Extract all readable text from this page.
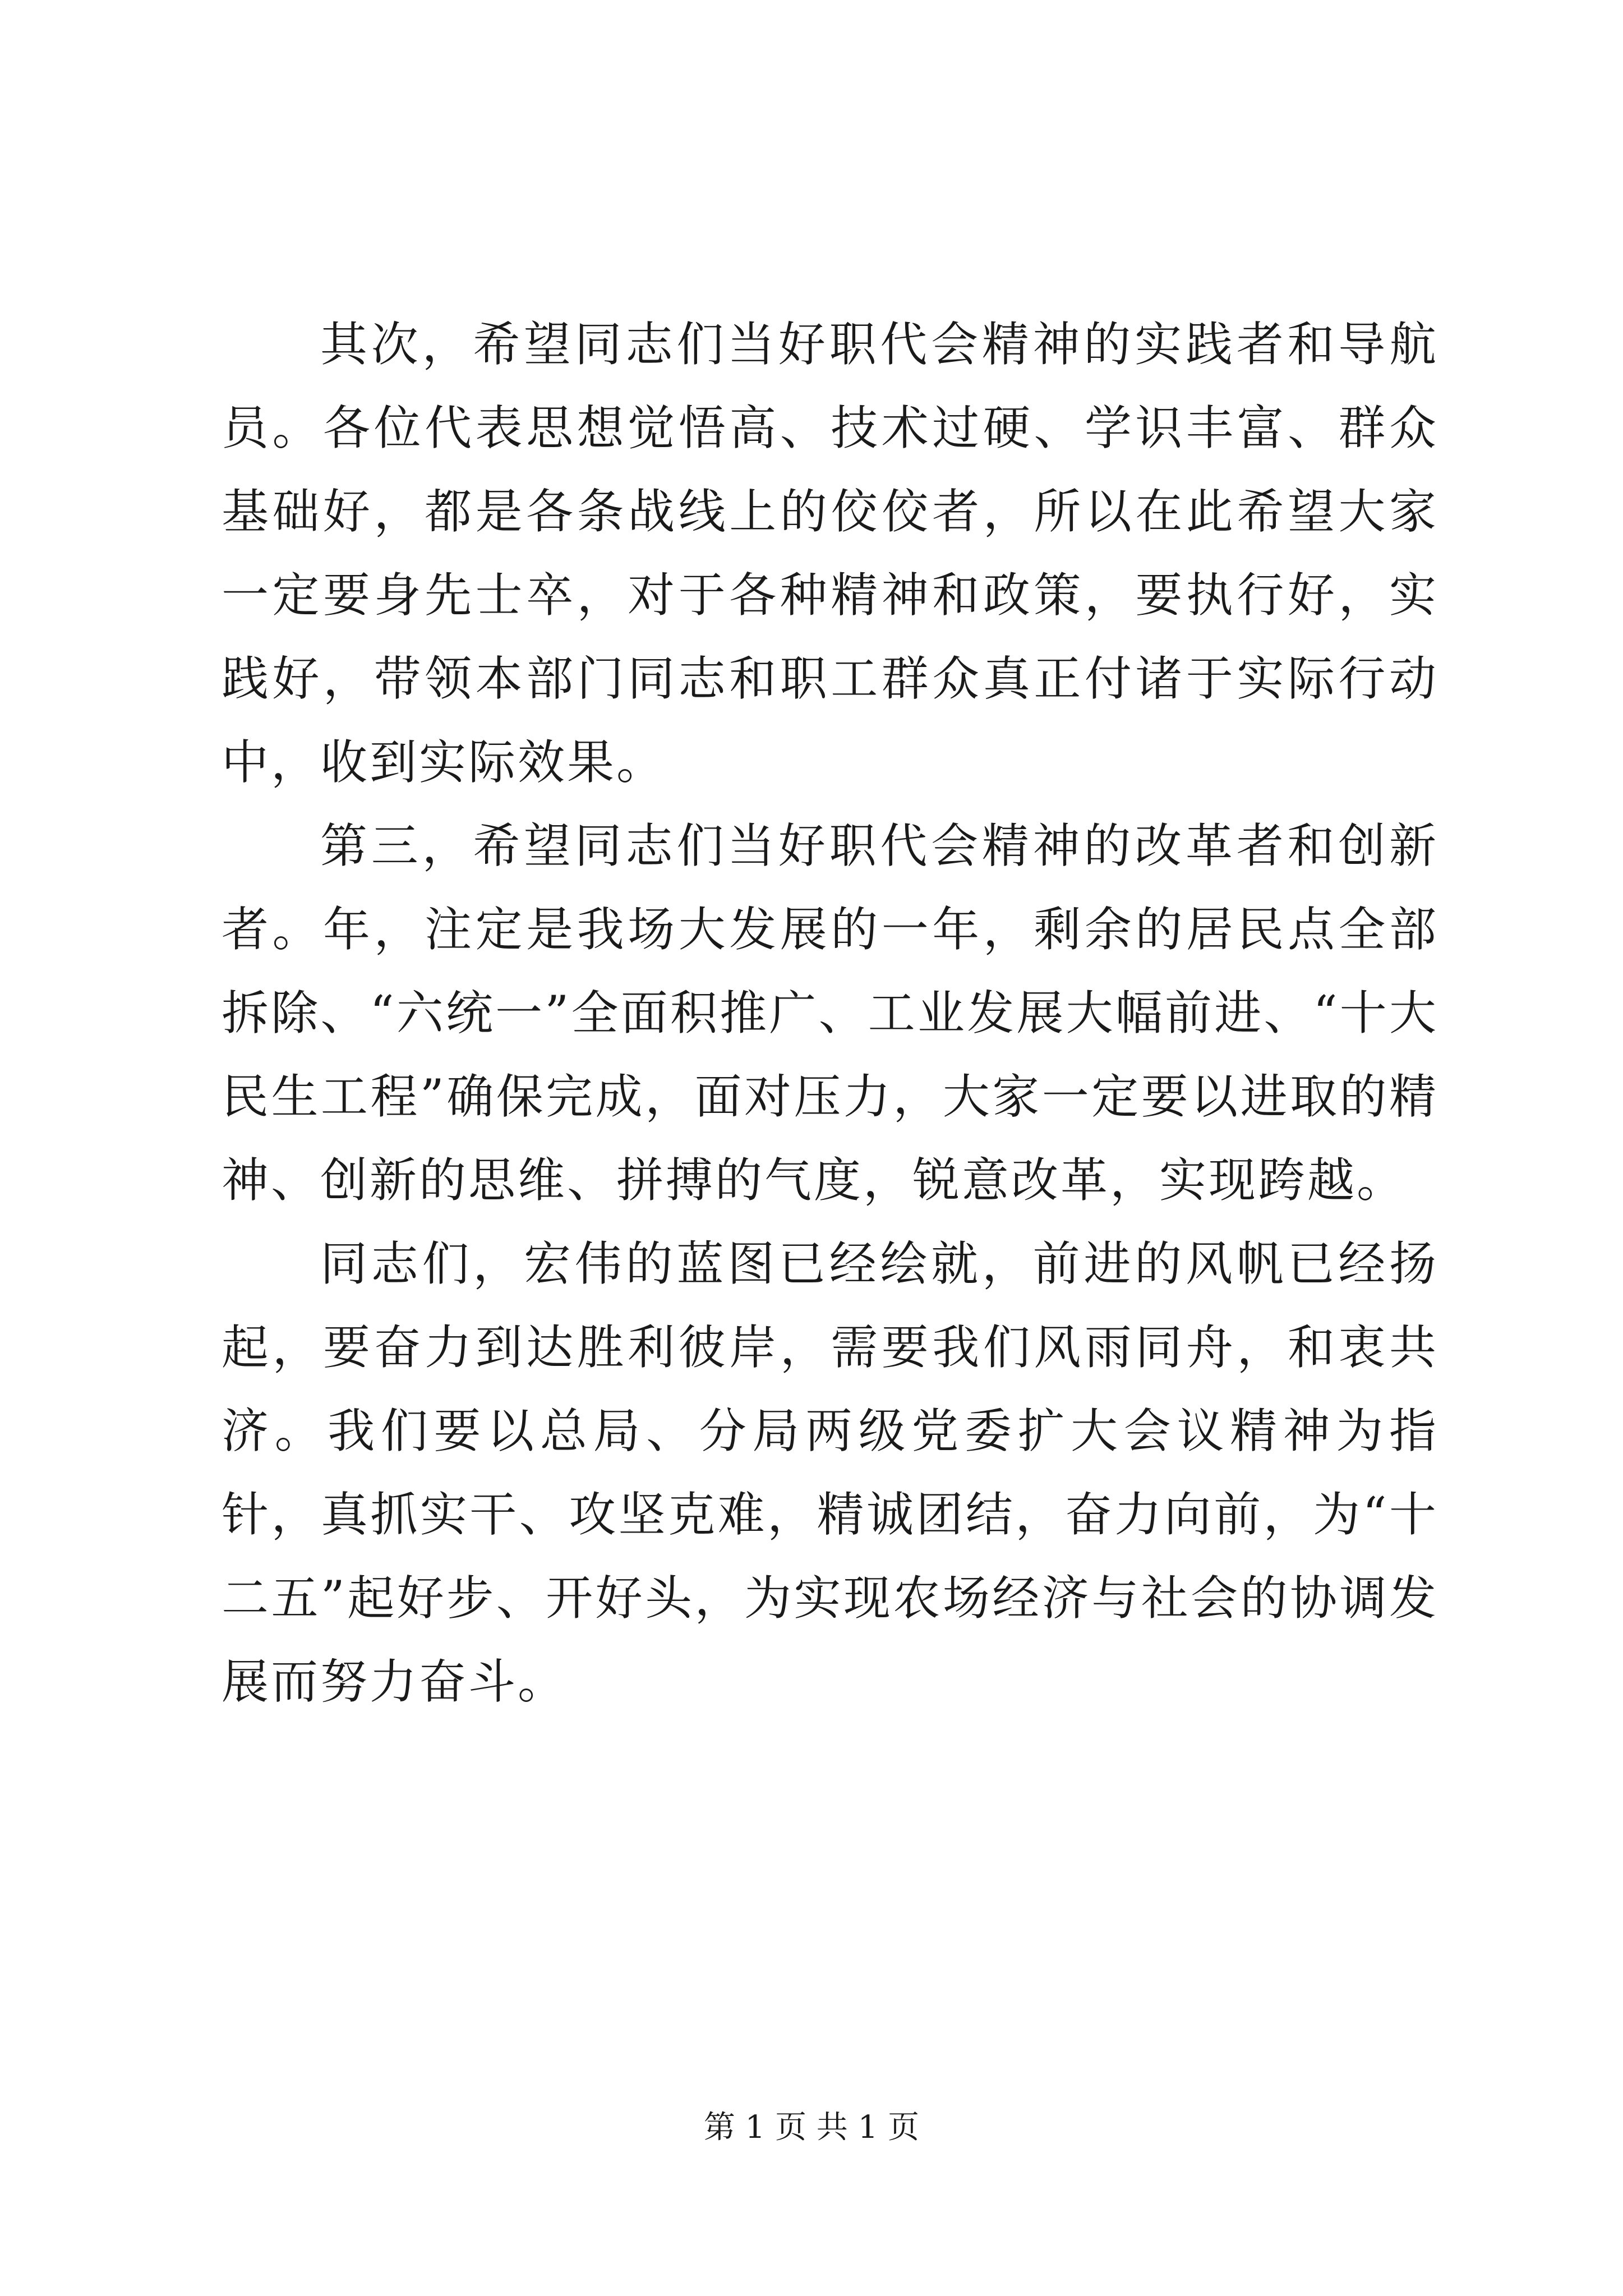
其次，希望同志们当好职代会精神的实践者和导航员。各位代表思想觉悟高、技术过硬、学识丰富、群众基础好，都是各条战线上的佼佼者，所以在此希望大家一定要身先士卒，对于各种精神和政策，要执行好，实践好，带领本部门同志和职工群众真正付诸于实际行动中，收到实际效果。

第三，希望同志们当好职代会精神的改革者和创新者。年，注定是我场大发展的一年，剩余的居民点全部拆除、“六统一”全面积推广、工业发展大幅前进、“十大民生工程”确保完成，面对压力，大家一定要以进取的精神、创新的思维、拼搏的气度，锐意改革，实现跨越。

同志们，宏伟的蓝图已经绘就，前进的风帆已经扬起，要奋力到达胜利彼岸，需要我们风雨同舟，和衷共济。我们要以总局、分局两级党委扩大会议精神为指针，真抓实干、攻坚克难，精诚团结，奋力向前，为“十二五”起好步、开好头，为实现农场经济与社会的协调发展而努力奋斗。

第 1 页 共 1 页
